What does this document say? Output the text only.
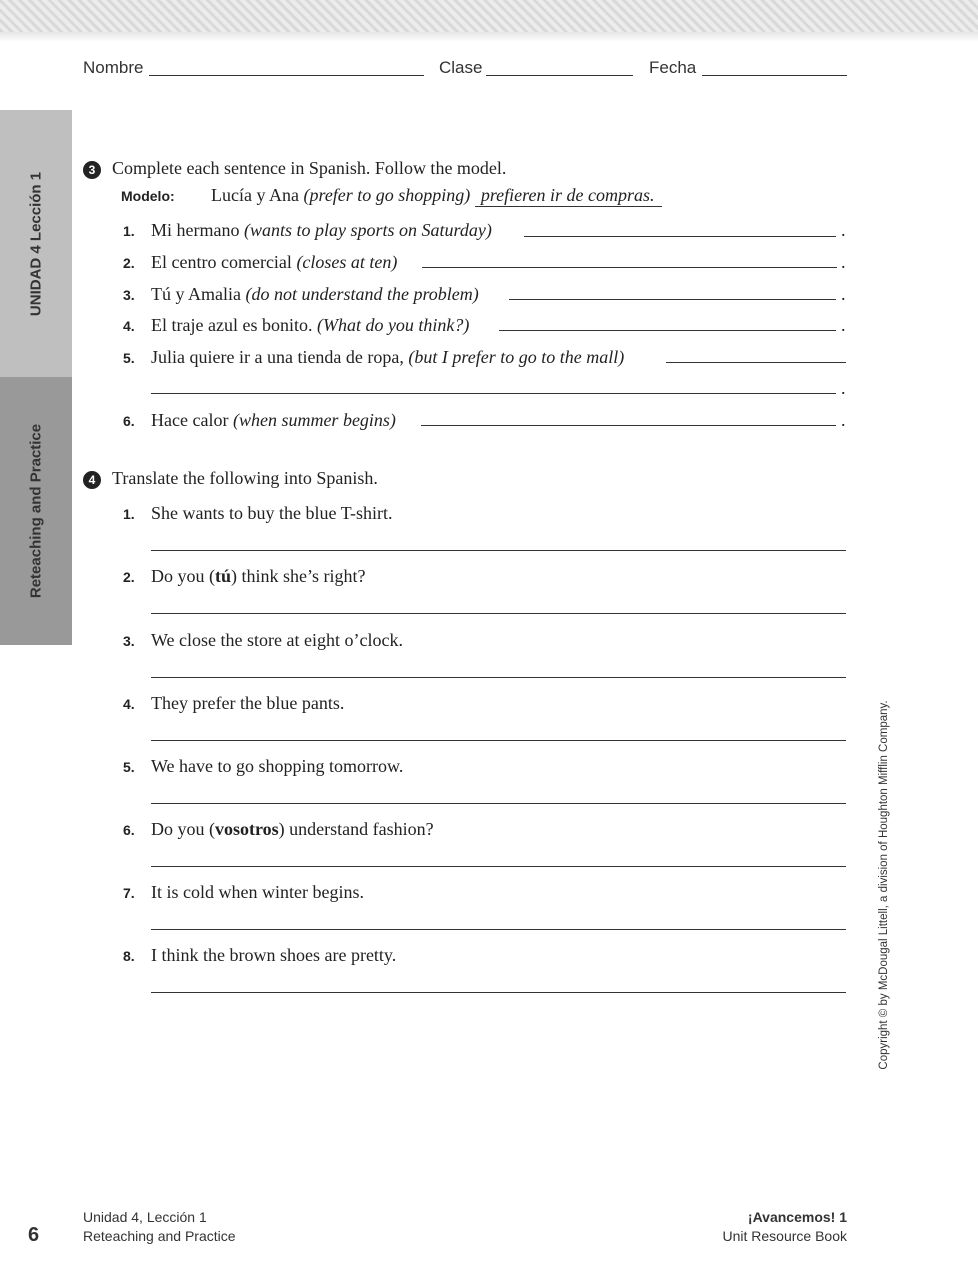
Nombre	Clase	Fecha
UNIDAD 4 Lección 1
Reteaching and Practice
3 Complete each sentence in Spanish. Follow the model.
Modelo: Lucía y Ana (prefer to go shopping) prefieren ir de compras.
1. Mi hermano (wants to play sports on Saturday)	.
2. El centro comercial (closes at ten)	.
3. Tú y Amalia (do not understand the problem)	.
4. El traje azul es bonito. (What do you think?)	.
5. Julia quiere ir a una tienda de ropa, (but I prefer to go to the mall)
.
6. Hace calor (when summer begins)	.
4 Translate the following into Spanish.
1. She wants to buy the blue T-shirt.
2. Do you (tú) think she’s right?
3. We close the store at eight o’clock.
4. They prefer the blue pants.
5. We have to go shopping tomorrow.
6. Do you (vosotros) understand fashion?
7. It is cold when winter begins.
8. I think the brown shoes are pretty.	Copyright © by McDougal Littell, a division of Houghton Mifflin Company.
6
Unidad 4, Lección 1
Reteaching and Practice
¡Avancemos! 1
Unit Resource Book
